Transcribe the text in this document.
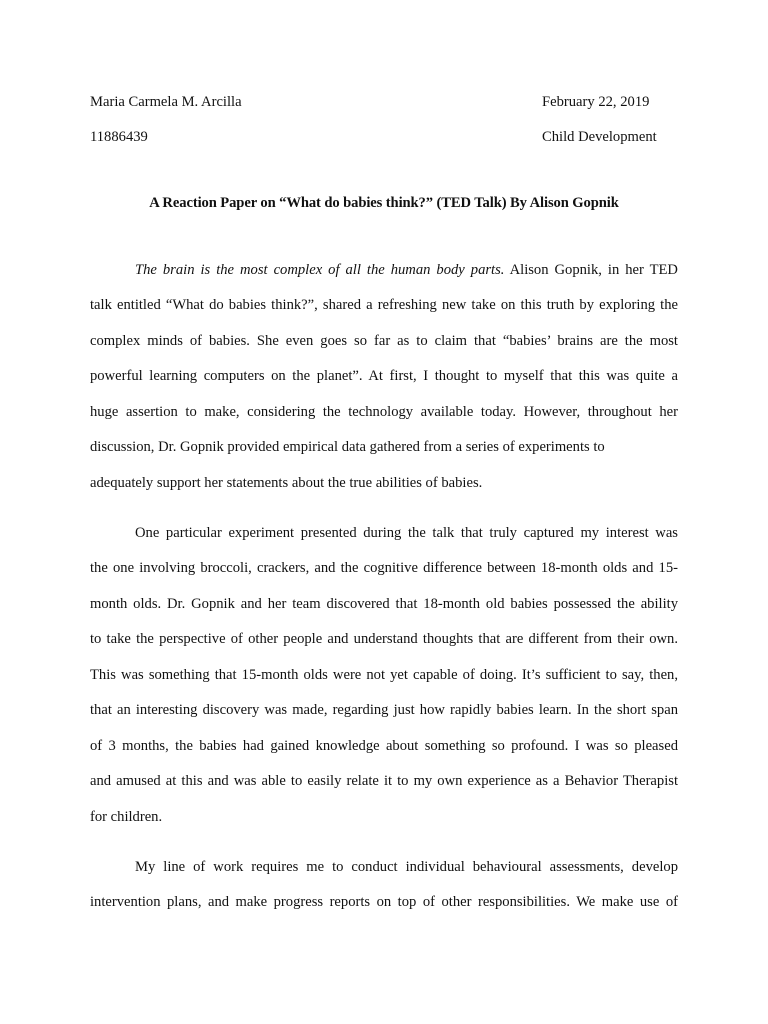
Maria Carmela M. Arcilla	February 22, 2019
11886439	Child Development
A Reaction Paper on “What do babies think?” (TED Talk) By Alison Gopnik
The brain is the most complex of all the human body parts. Alison Gopnik, in her TED
talk entitled “What do babies think?”, shared a refreshing new take on this truth by exploring the
complex minds of babies. She even goes so far as to claim that “babies’ brains are the most
powerful learning computers on the planet”. At first, I thought to myself that this was quite a
huge assertion to make, considering the technology available today. However, throughout her
discussion, Dr. Gopnik provided empirical data gathered from a series of experiments to
adequately support her statements about the true abilities of babies.
One particular experiment presented during the talk that truly captured my interest was
the one involving broccoli, crackers, and the cognitive difference between 18-month olds and 15-
month olds. Dr. Gopnik and her team discovered that 18-month old babies possessed the ability
to take the perspective of other people and understand thoughts that are different from their own.
This was something that 15-month olds were not yet capable of doing. It’s sufficient to say, then,
that an interesting discovery was made, regarding just how rapidly babies learn. In the short span
of 3 months, the babies had gained knowledge about something so profound. I was so pleased
and amused at this and was able to easily relate it to my own experience as a Behavior Therapist
for children.
My line of work requires me to conduct individual behavioural assessments, develop
intervention plans, and make progress reports on top of other responsibilities. We make use of
